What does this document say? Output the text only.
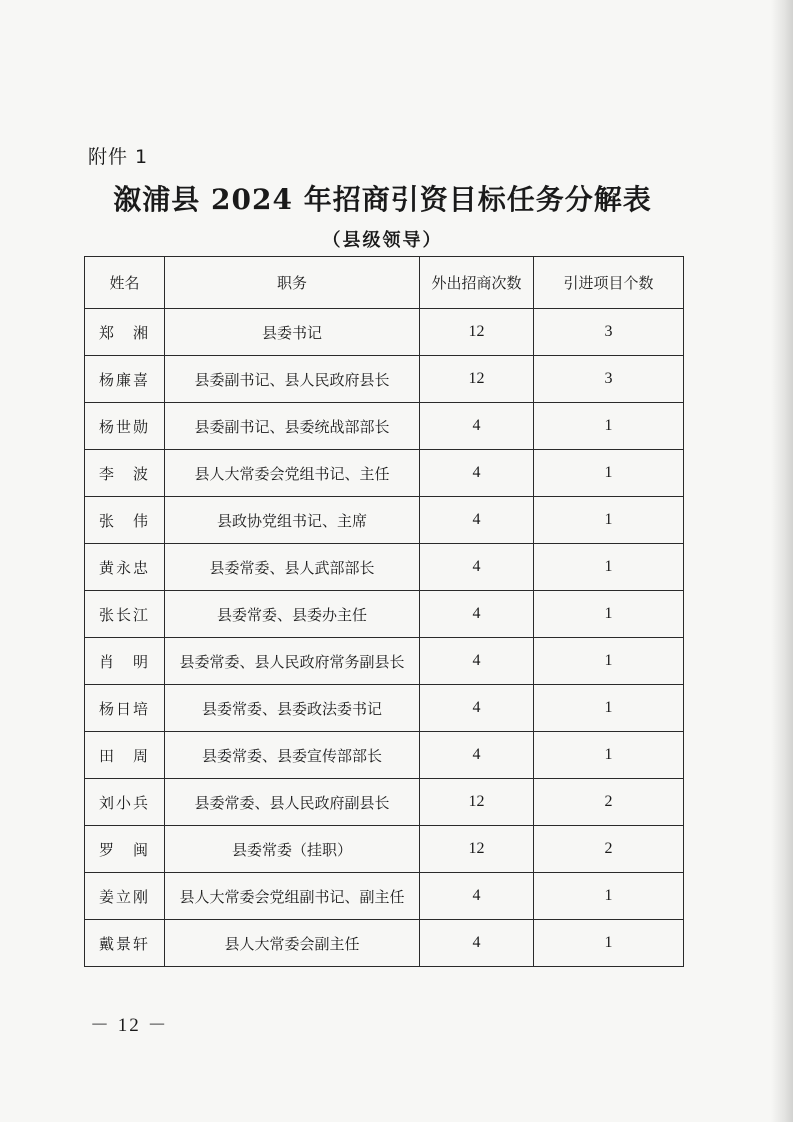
附件 1
溆浦县 2024 年招商引资目标任务分解表
（县级领导）
姓名	职务	外出招商次数	引进项目个数
郑　湘	县委书记	12	3
杨廉喜	县委副书记、县人民政府县长	12	3
杨世勋	县委副书记、县委统战部部长	4	1
李　波	县人大常委会党组书记、主任	4	1
张　伟	县政协党组书记、主席	4	1
黄永忠	县委常委、县人武部部长	4	1
张长江	县委常委、县委办主任	4	1
肖　明	县委常委、县人民政府常务副县长	4	1
杨日培	县委常委、县委政法委书记	4	1
田　周	县委常委、县委宣传部部长	4	1
刘小兵	县委常委、县人民政府副县长	12	2
罗　闽	县委常委（挂职）	12	2
姜立刚	县人大常委会党组副书记、副主任	4	1
戴景轩	县人大常委会副主任	4	1
－ 12 －
